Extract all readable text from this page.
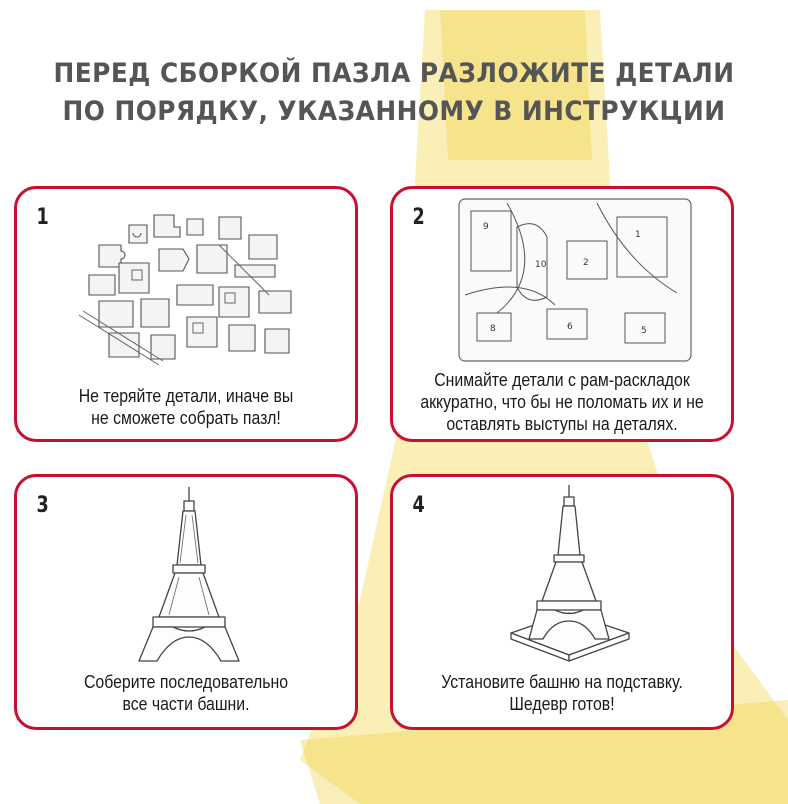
ПЕРЕД СБОРКОЙ ПАЗЛА РАЗЛОЖИТЕ ДЕТАЛИ
ПО ПОРЯДКУ, УКАЗАННОМУ В ИНСТРУКЦИИ
1
Не теряйте детали, иначе вы
не сможете собрать пазл!
2	9
10	2
1
8	6	5
Снимайте детали с рам-раскладок
аккуратно, что бы не поломать их и не
оставлять выступы на деталях.
3
Соберите последовательно
все части башни.
4
Установите башню на подставку.
Шедевр готов!
